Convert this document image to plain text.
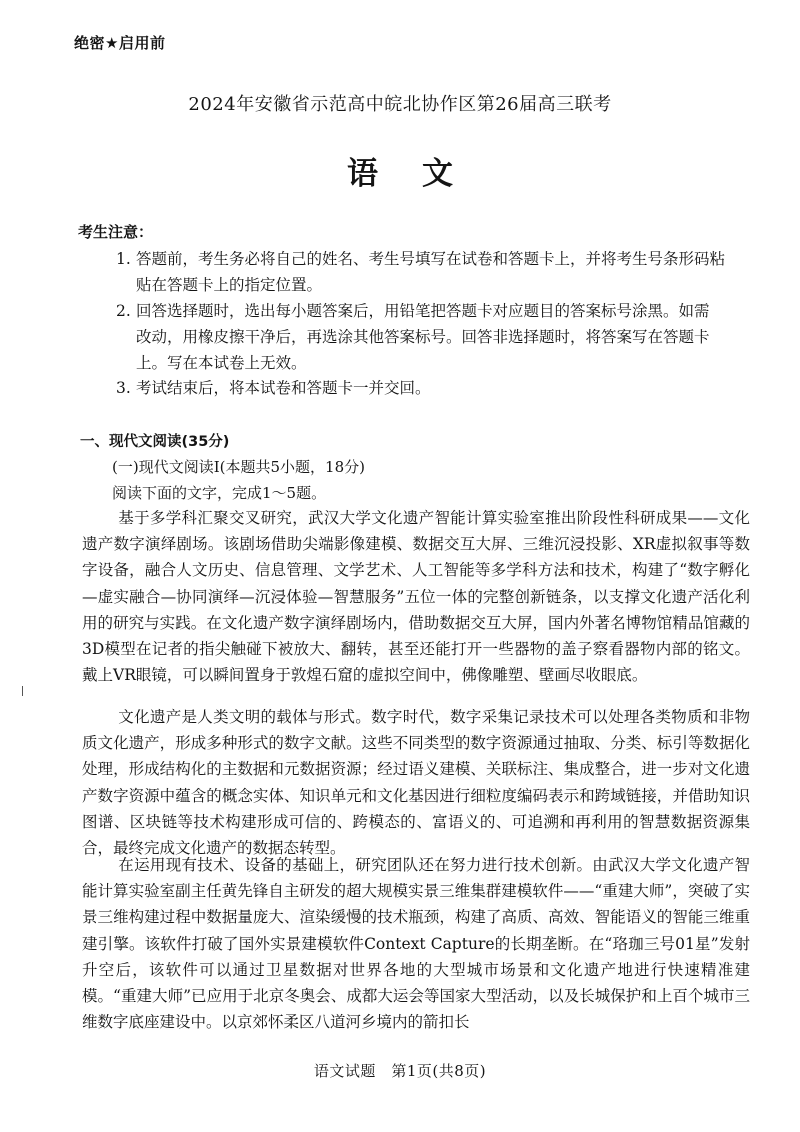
绝密★启用前
2024年安徽省示范高中皖北协作区第26届高三联考
语文
考生注意：
1. 答题前，考生务必将自己的姓名、考生号填写在试卷和答题卡上，并将考生号条形码粘
贴在答题卡上的指定位置。
2. 回答选择题时，选出每小题答案后，用铅笔把答题卡对应题目的答案标号涂黑。如需
改动，用橡皮擦干净后，再选涂其他答案标号。回答非选择题时，将答案写在答题卡
上。写在本试卷上无效。
3. 考试结束后，将本试卷和答题卡一并交回。
一、现代文阅读(35分)
(一)现代文阅读Ⅰ(本题共5小题，18分)
阅读下面的文字，完成1～5题。
基于多学科汇聚交叉研究，武汉大学文化遗产智能计算实验室推出阶段性科研成果——文化遗产数字演绎剧场。该剧场借助尖端影像建模、数据交互大屏、三维沉浸投影、XR虚拟叙事等数字设备，融合人文历史、信息管理、文学艺术、人工智能等多学科方法和技术，构建了“数字孵化—虚实融合—协同演绎—沉浸体验—智慧服务”五位一体的完整创新链条，以支撑文化遗产活化利用的研究与实践。在文化遗产数字演绎剧场内，借助数据交互大屏，国内外著名博物馆精品馆藏的3D模型在记者的指尖触碰下被放大、翻转，甚至还能打开一些器物的盖子察看器物内部的铭文。戴上VR眼镜，可以瞬间置身于敦煌石窟的虚拟空间中，佛像雕塑、壁画尽收眼底。
文化遗产是人类文明的载体与形式。数字时代，数字采集记录技术可以处理各类物质和非物质文化遗产，形成多种形式的数字文献。这些不同类型的数字资源通过抽取、分类、标引等数据化处理，形成结构化的主数据和元数据资源；经过语义建模、关联标注、集成整合，进一步对文化遗产数字资源中蕴含的概念实体、知识单元和文化基因进行细粒度编码表示和跨域链接，并借助知识图谱、区块链等技术构建形成可信的、跨模态的、富语义的、可追溯和再利用的智慧数据资源集合，最终完成文化遗产的数据态转型。
在运用现有技术、设备的基础上，研究团队还在努力进行技术创新。由武汉大学文化遗产智能计算实验室副主任黄先锋自主研发的超大规模实景三维集群建模软件——“重建大师”，突破了实景三维构建过程中数据量庞大、渲染缓慢的技术瓶颈，构建了高质、高效、智能语义的智能三维重建引擎。该软件打破了国外实景建模软件Context Capture的长期垄断。在“珞珈三号01星”发射升空后，该软件可以通过卫星数据对世界各地的大型城市场景和文化遗产地进行快速精准建模。“重建大师”已应用于北京冬奥会、成都大运会等国家大型活动，以及长城保护和上百个城市三维数字底座建设中。以京郊怀柔区八道河乡境内的箭扣长
语文试题　第1页(共8页)
